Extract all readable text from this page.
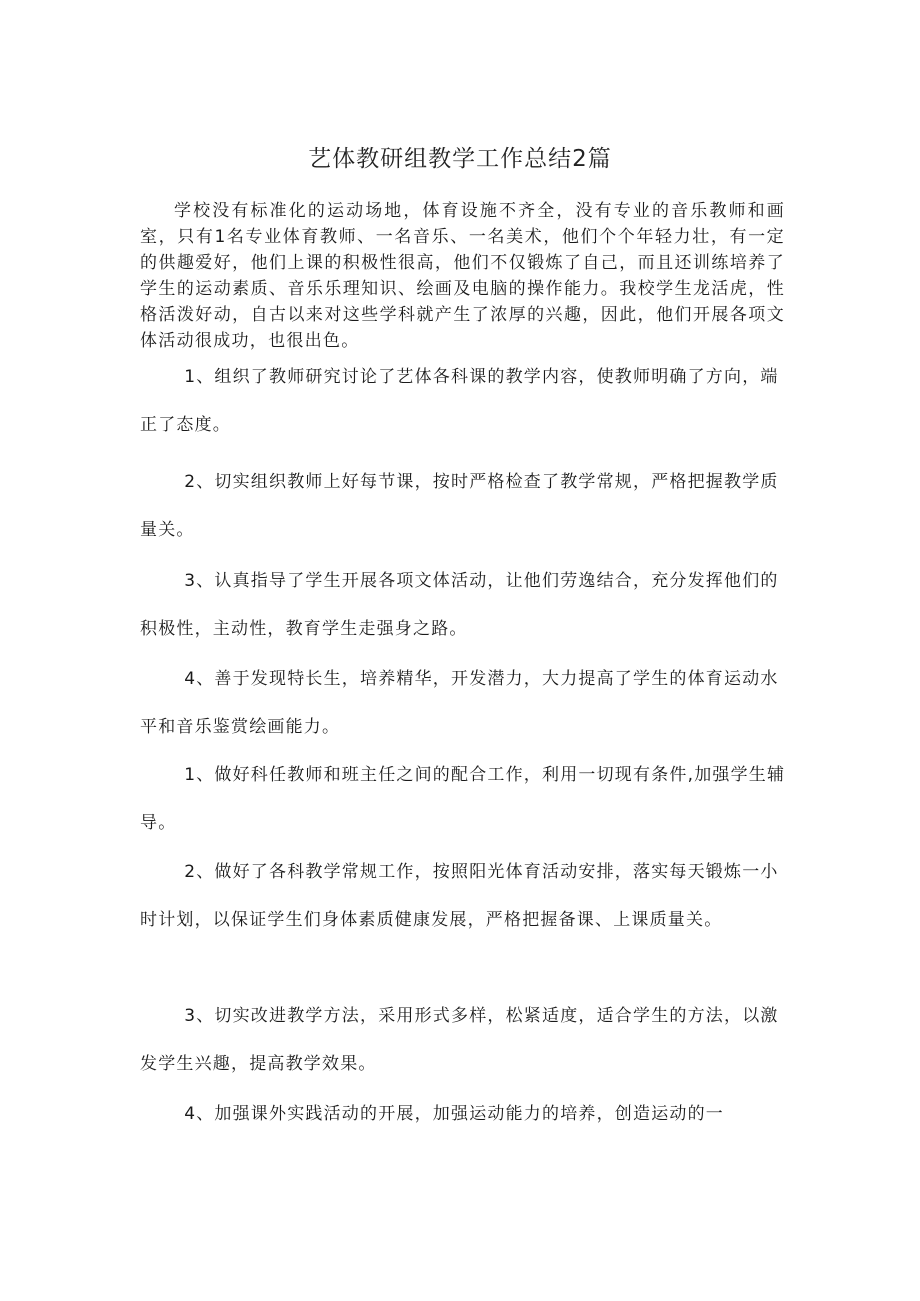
艺体教研组教学工作总结2篇

学校没有标准化的运动场地，体育设施不齐全，没有专业的音乐教师和画室，只有1名专业体育教师、一名音乐、一名美术，他们个个年轻力壮，有一定的供趣爱好，他们上课的积极性很高，他们不仅锻炼了自己，而且还训练培养了学生的运动素质、音乐乐理知识、绘画及电脑的操作能力。我校学生龙活虎，性格活泼好动，自古以来对这些学科就产生了浓厚的兴趣，因此，他们开展各项文体活动很成功，也很出色。

1、组织了教师研究讨论了艺体各科课的教学内容，使教师明确了方向，端正了态度。

2、切实组织教师上好每节课，按时严格检查了教学常规，严格把握教学质量关。

3、认真指导了学生开展各项文体活动，让他们劳逸结合，充分发挥他们的积极性，主动性，教育学生走强身之路。

4、善于发现特长生，培养精华，开发潜力，大力提高了学生的体育运动水平和音乐鉴赏绘画能力。

1、做好科任教师和班主任之间的配合工作，利用一切现有条件,加强学生辅导。

2、做好了各科教学常规工作，按照阳光体育活动安排，落实每天锻炼一小时计划，以保证学生们身体素质健康发展，严格把握备课、上课质量关。

3、切实改进教学方法，采用形式多样，松紧适度，适合学生的方法，以激发学生兴趣，提高教学效果。

4、加强课外实践活动的开展，加强运动能力的培养，创造运动的一
